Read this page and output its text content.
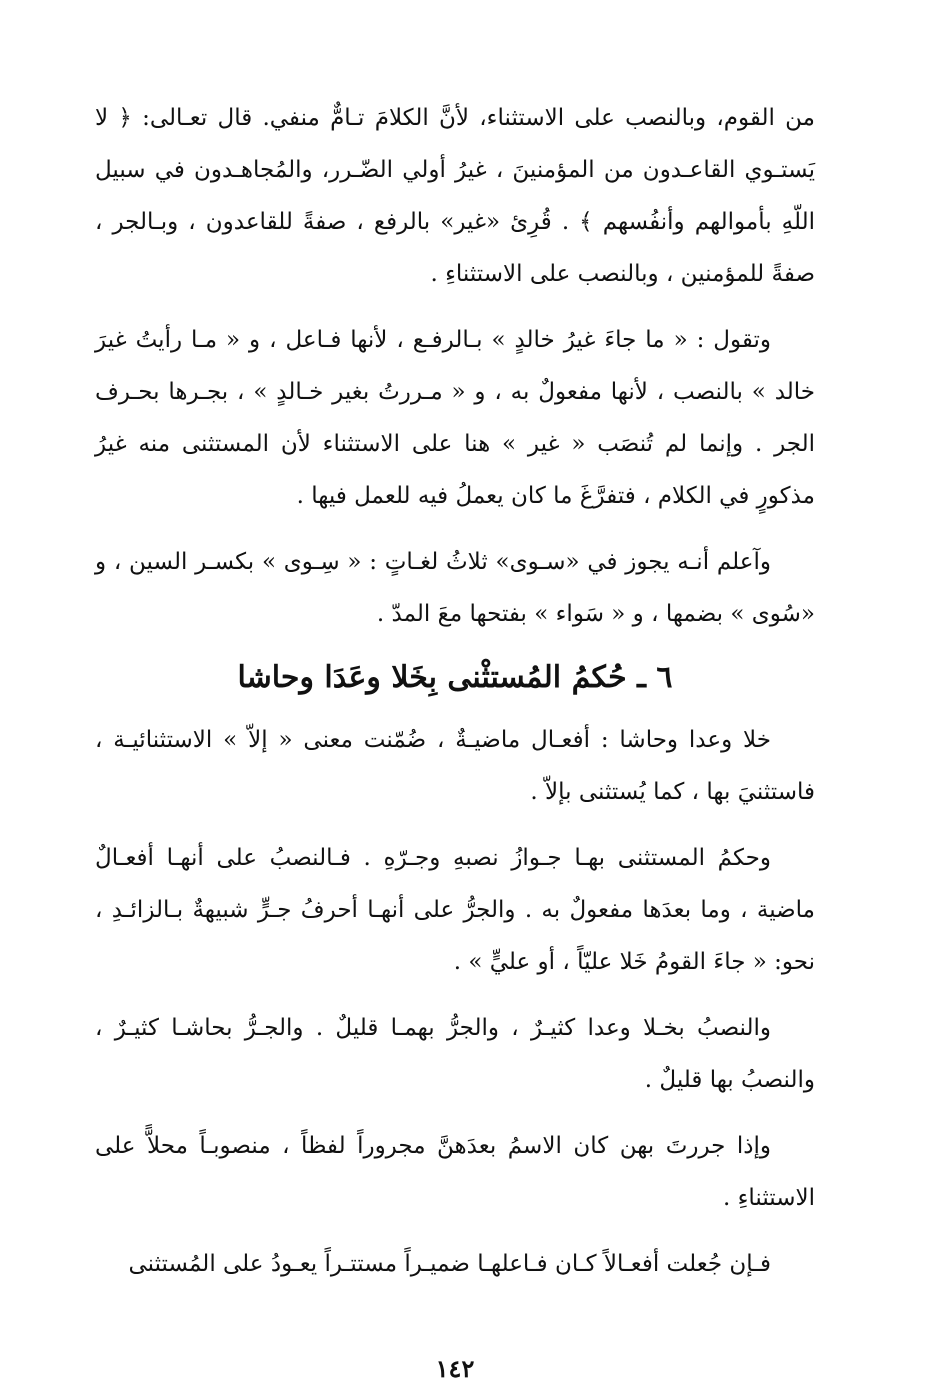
من القوم، وبالنصب على الاستثناء، لأنَّ الكلامَ تـامٌّ منفي. قال تعـالى: ﴿ لا يَستـوي القاعـدون من المؤمنينَ ، غيرُ أولي الضّـرر، والمُجاهـدون في سبيل اللّهِ بأموالهم وأنفُسهم ﴾ . قُرِئ «غير» بالرفع ، صفةً للقاعدون ، وبـالجر ، صفةً للمؤمنين ، وبالنصب على الاستثناءِ .

وتقول : « ما جاءَ غيرُ خالدٍ » بـالرفـع ، لأنها فـاعل ، و « مـا رأيتُ غيرَ خالد » بالنصب ، لأنها مفعولٌ به ، و « مـررتُ بغير خـالدٍ » ، بجـرها بحـرف الجر . وإنما لم تُنصَب « غير » هنا على الاستثناء لأن المستثنى منه غيرُ مذكورٍ في الكلام ، فتفرَّغَ ما كان يعملُ فيه للعمل فيها .

وآعلم أنـه يجوز في «سـوى» ثلاثُ لغـاتٍ : « سِـوى » بكسـر السين ، و «سُوى » بضمها ، و « سَواء » بفتحها معَ المدّ .

٦ ـ حُكمُ المُستثْنى بِخَلا وعَدَا وحاشا

خلا وعدا وحاشا : أفعـال ماضيـةٌ ، ضُمّنت معنى « إلاّ » الاستثنائيـة ، فاستثنيَ بها ، كما يُستثنى بإلاّ .

وحكمُ المستثنى بهـا جـوازُ نصبهِ وجـرّهِ . فـالنصبُ على أنهـا أفعـالٌ ماضية ، وما بعدَها مفعولٌ به . والجرُّ على أنهـا أحرفُ جـرٍّ شبيهةٌ بـالزائـدِ ، نحو: « جاءَ القومُ خَلا عليّاً ، أو عليٍّ » .

والنصبُ بخـلا وعدا كثيـرٌ ، والجرُّ بهمـا قليلٌ . والجـرُّ بحاشـا كثيـرٌ ، والنصبُ بها قليلٌ .

وإذا جررتَ بهن كان الاسمُ بعدَهنَّ مجروراً لفظاً ، منصوبـاً محلاًّ على الاستثناءِ .

فـإن جُعلت أفعـالاً كـان فـاعلهـا ضميـراً مستتـراً يعـودُ على المُستثنى

١٤٢
